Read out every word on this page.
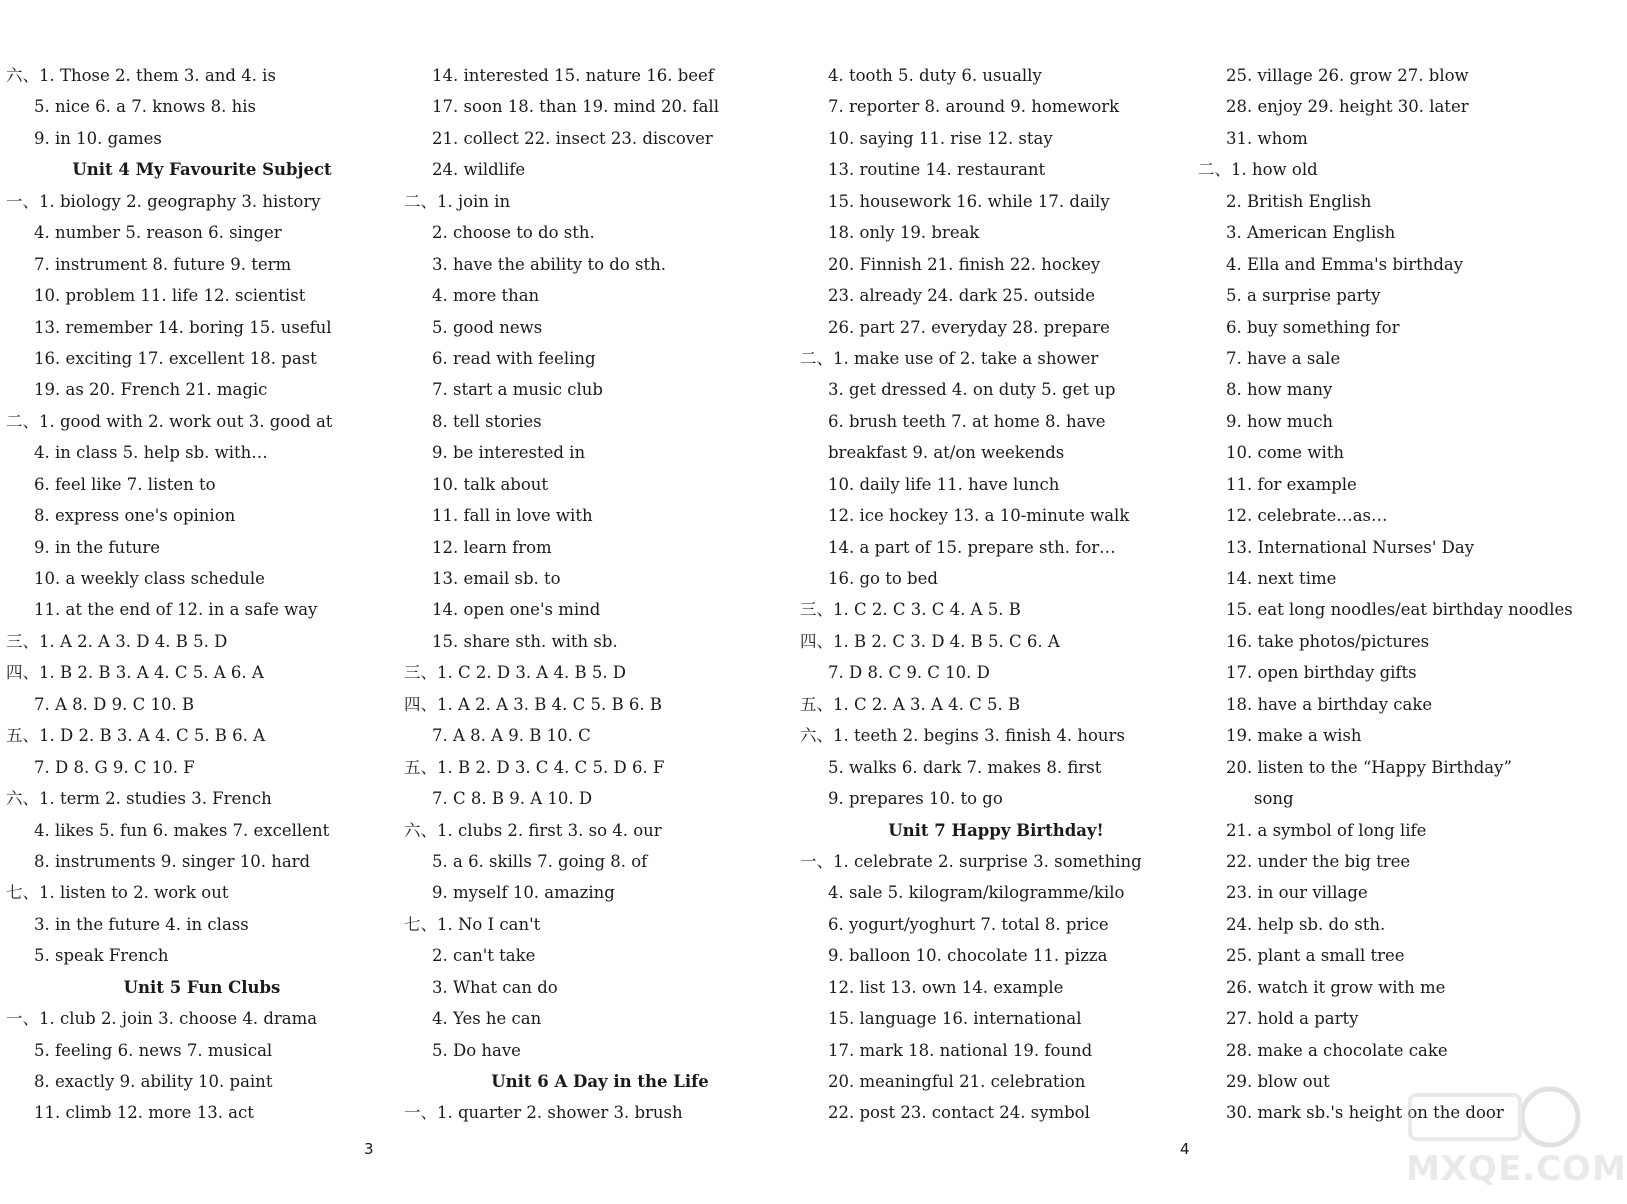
六、1. Those 2. them 3. and 4. is
5. nice 6. a 7. knows 8. his
9. in 10. games
Unit 4 My Favourite Subject
一、1. biology 2. geography 3. history
4. number 5. reason 6. singer
7. instrument 8. future 9. term
10. problem 11. life 12. scientist
13. remember 14. boring 15. useful
16. exciting 17. excellent 18. past
19. as 20. French 21. magic
二、1. good with 2. work out 3. good at
4. in class 5. help sb. with…
6. feel like 7. listen to
8. express one's opinion
9. in the future
10. a weekly class schedule
11. at the end of 12. in a safe way
三、1. A 2. A 3. D 4. B 5. D
四、1. B 2. B 3. A 4. C 5. A 6. A
7. A 8. D 9. C 10. B
五、1. D 2. B 3. A 4. C 5. B 6. A
7. D 8. G 9. C 10. F
六、1. term 2. studies 3. French
4. likes 5. fun 6. makes 7. excellent
8. instruments 9. singer 10. hard
七、1. listen to 2. work out
3. in the future 4. in class
5. speak French
Unit 5 Fun Clubs
一、1. club 2. join 3. choose 4. drama
5. feeling 6. news 7. musical
8. exactly 9. ability 10. paint
11. climb 12. more 13. act
14. interested 15. nature 16. beef
17. soon 18. than 19. mind 20. fall
21. collect 22. insect 23. discover
24. wildlife
二、1. join in
2. choose to do sth.
3. have the ability to do sth.
4. more than
5. good news
6. read with feeling
7. start a music club
8. tell stories
9. be interested in
10. talk about
11. fall in love with
12. learn from
13. email sb. to
14. open one's mind
15. share sth. with sb.
三、1. C 2. D 3. A 4. B 5. D
四、1. A 2. A 3. B 4. C 5. B 6. B
7. A 8. A 9. B 10. C
五、1. B 2. D 3. C 4. C 5. D 6. F
7. C 8. B 9. A 10. D
六、1. clubs 2. first 3. so 4. our
5. a 6. skills 7. going 8. of
9. myself 10. amazing
七、1. No I can't
2. can't take
3. What can do
4. Yes he can
5. Do have
Unit 6 A Day in the Life
一、1. quarter 2. shower 3. brush
4. tooth 5. duty 6. usually
7. reporter 8. around 9. homework
10. saying 11. rise 12. stay
13. routine 14. restaurant
15. housework 16. while 17. daily
18. only 19. break
20. Finnish 21. finish 22. hockey
23. already 24. dark 25. outside
26. part 27. everyday 28. prepare
二、1. make use of 2. take a shower
3. get dressed 4. on duty 5. get up
6. brush teeth 7. at home 8. have
breakfast 9. at/on weekends
10. daily life 11. have lunch
12. ice hockey 13. a 10-minute walk
14. a part of 15. prepare sth. for…
16. go to bed
三、1. C 2. C 3. C 4. A 5. B
四、1. B 2. C 3. D 4. B 5. C 6. A
7. D 8. C 9. C 10. D
五、1. C 2. A 3. A 4. C 5. B
六、1. teeth 2. begins 3. finish 4. hours
5. walks 6. dark 7. makes 8. first
9. prepares 10. to go
Unit 7 Happy Birthday!
一、1. celebrate 2. surprise 3. something
4. sale 5. kilogram/kilogramme/kilo
6. yogurt/yoghurt 7. total 8. price
9. balloon 10. chocolate 11. pizza
12. list 13. own 14. example
15. language 16. international
17. mark 18. national 19. found
20. meaningful 21. celebration
22. post 23. contact 24. symbol
25. village 26. grow 27. blow
28. enjoy 29. height 30. later
31. whom
二、1. how old
2. British English
3. American English
4. Ella and Emma's birthday
5. a surprise party
6. buy something for
7. have a sale
8. how many
9. how much
10. come with
11. for example
12. celebrate…as…
13. International Nurses' Day
14. next time
15. eat long noodles/eat birthday noodles
16. take photos/pictures
17. open birthday gifts
18. have a birthday cake
19. make a wish
20. listen to the “Happy Birthday”
song
21. a symbol of long life
22. under the big tree
23. in our village
24. help sb. do sth.
25. plant a small tree
26. watch it grow with me
27. hold a party
28. make a chocolate cake
29. blow out
30. mark sb.'s height on the door
3	4	MXQE.COM
